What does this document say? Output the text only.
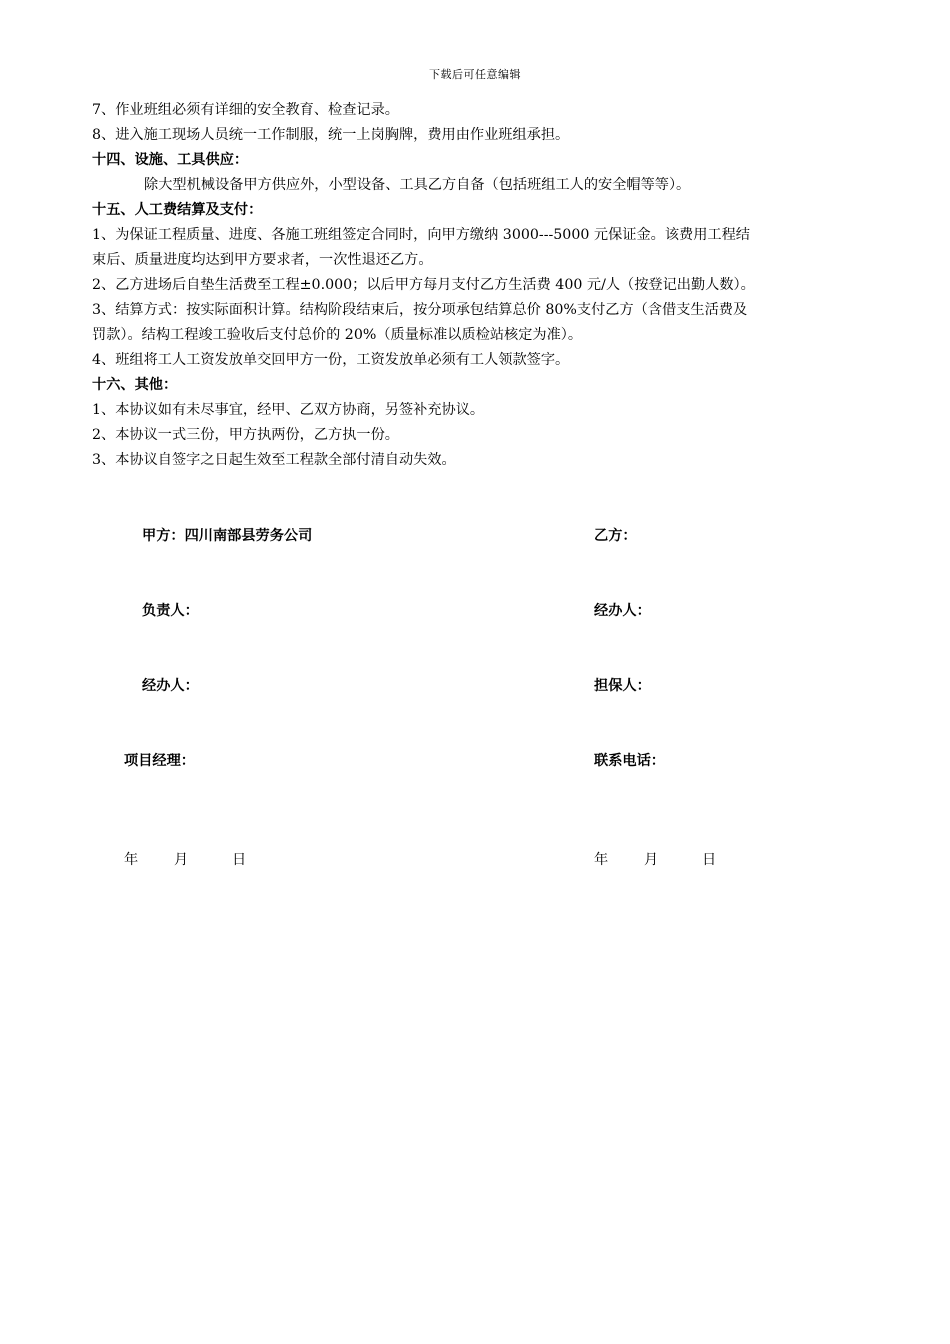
下载后可任意编辑
7、作业班组必须有详细的安全教育、检查记录。
8、进入施工现场人员统一工作制服，统一上岗胸牌，费用由作业班组承担。
十四、设施、工具供应：
除大型机械设备甲方供应外，小型设备、工具乙方自备（包括班组工人的安全帽等等）。
十五、人工费结算及支付：
1、为保证工程质量、进度、各施工班组签定合同时，向甲方缴纳 3000---5000 元保证金。该费用工程结
束后、质量进度均达到甲方要求者，一次性退还乙方。
2、乙方进场后自垫生活费至工程±0.000；以后甲方每月支付乙方生活费 400 元/人（按登记出勤人数）。
3、结算方式：按实际面积计算。结构阶段结束后，按分项承包结算总价 80%支付乙方（含借支生活费及
罚款）。结构工程竣工验收后支付总价的 20%（质量标准以质检站核定为准）。
4、班组将工人工资发放单交回甲方一份，工资发放单必须有工人领款签字。
十六、其他：
1、本协议如有未尽事宜，经甲、乙双方协商，另签补充协议。
2、本协议一式三份，甲方执两份，乙方执一份。
3、本协议自签字之日起生效至工程款全部付清自动失效。
甲方：四川南部县劳务公司	乙方：
负责人：	经办人：
经办人：	担保人：
项目经理：	联系电话：
年	月	日	年	月	日
